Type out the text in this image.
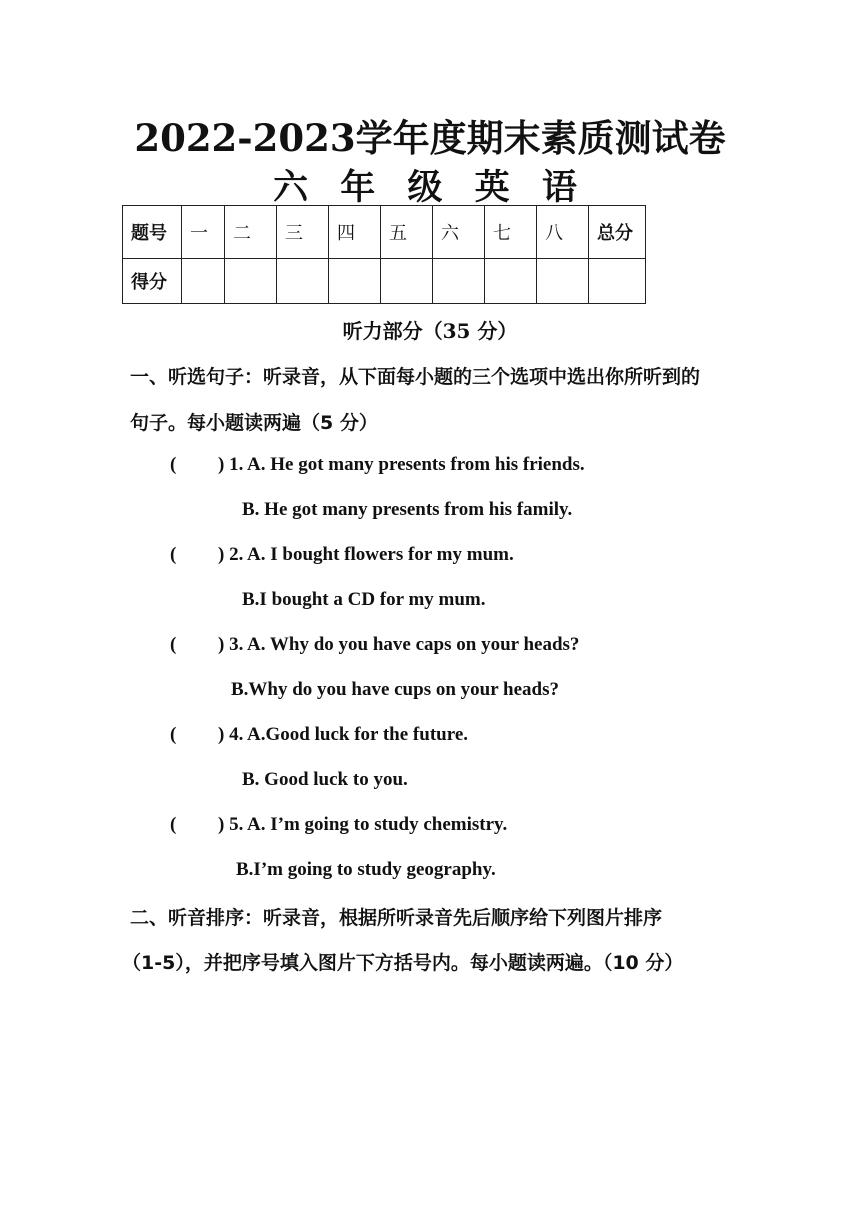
2022-2023学年度期末素质测试卷
六 年 级 英 语
题号	一	二	三	四	五	六	七	八	总分
得分									
听力部分（35 分）
一、听选句子：听录音，从下面每小题的三个选项中选出你所听到的
句子。每小题读两遍（5 分）
( ) 1. A. He got many presents from his friends.
B. He got many presents from his family.
( ) 2. A. I bought flowers for my mum.
B.I bought a CD for my mum.
( ) 3. A. Why do you have caps on your heads?
B.Why do you have cups on your heads?
( ) 4. A.Good luck for the future.
B. Good luck to you.
( ) 5. A. I’m going to study chemistry.
B.I’m going to study geography.
二、听音排序：听录音，根据所听录音先后顺序给下列图片排序
（1-5），并把序号填入图片下方括号内。每小题读两遍。（10 分）
